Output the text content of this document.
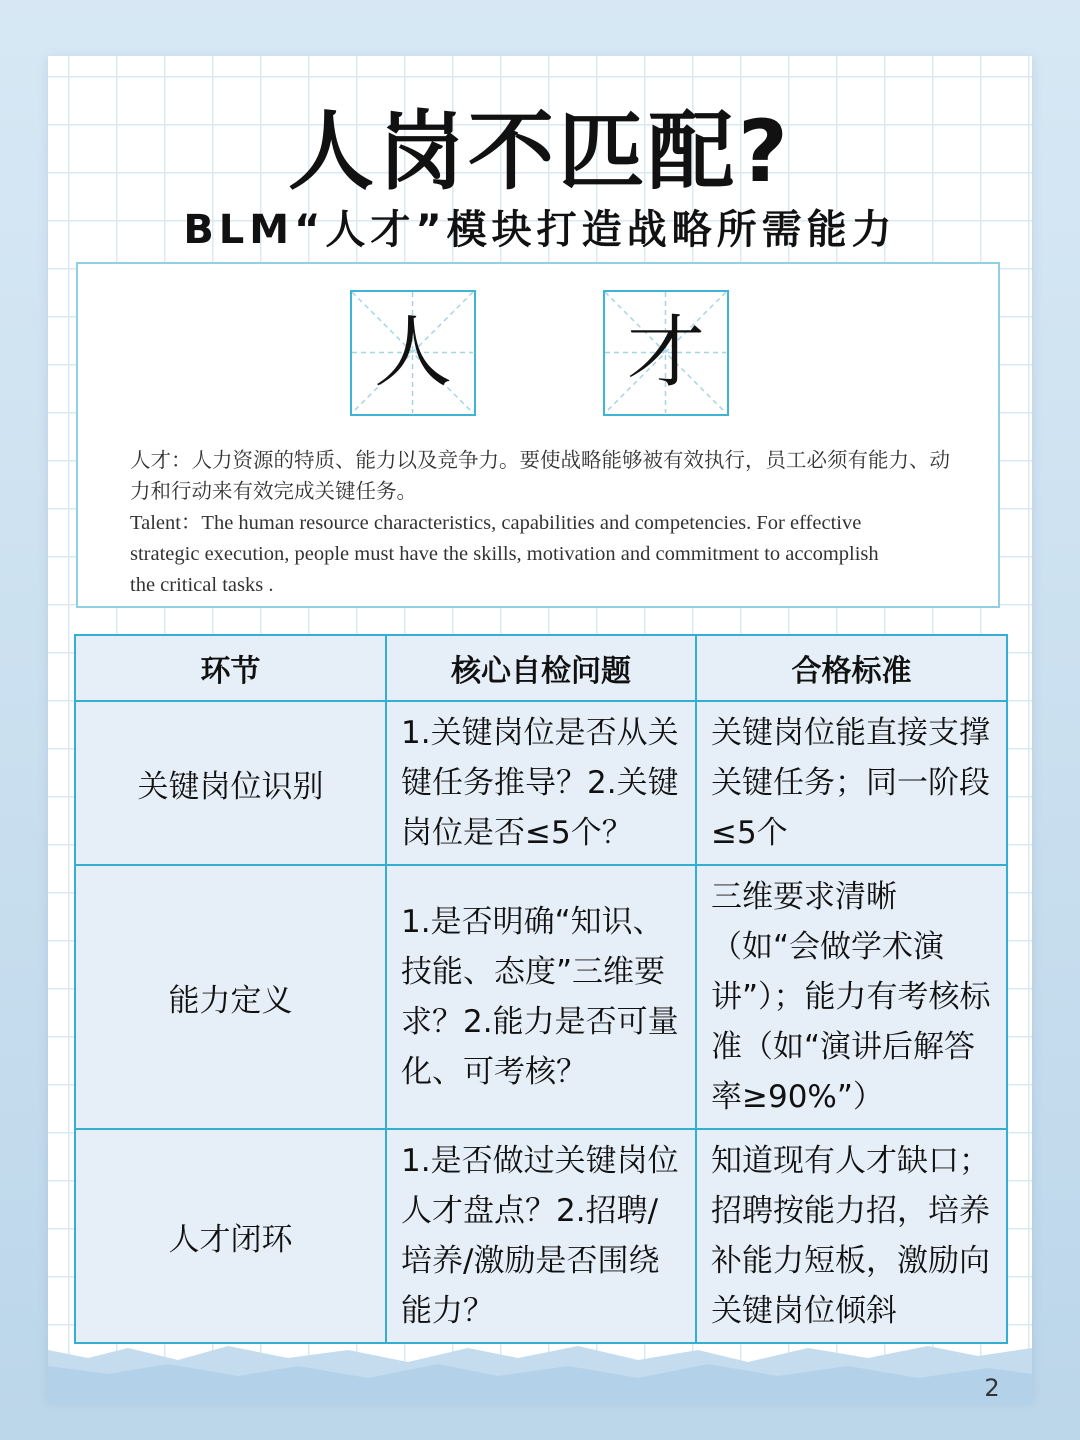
人岗不匹配?
BLM“人才”模块打造战略所需能力
人 才

人才：人力资源的特质、能力以及竞争力。要使战略能够被有效执行，员工必须有能力、动力和行动来有效完成关键任务。

Talent：The human resource characteristics, capabilities and competencies. For effective

strategic execution, people must have the skills, motivation and commitment to accomplish

the critical tasks .

环节	核心自检问题	合格标准
关键岗位识别	1.关键岗位是否从关键任务推导？2.关键岗位是否≤5个？	关键岗位能直接支撑关键任务；同一阶段≤5个
能力定义	1.是否明确“知识、技能、态度”三维要求？2.能力是否可量化、可考核？	三维要求清晰（如“会做学术演讲”）；能力有考核标准（如“演讲后解答率≥90%”）
人才闭环	1.是否做过关键岗位人才盘点？2.招聘/培养/激励是否围绕能力？	知道现有人才缺口；招聘按能力招，培养补能力短板，激励向关键岗位倾斜
2
